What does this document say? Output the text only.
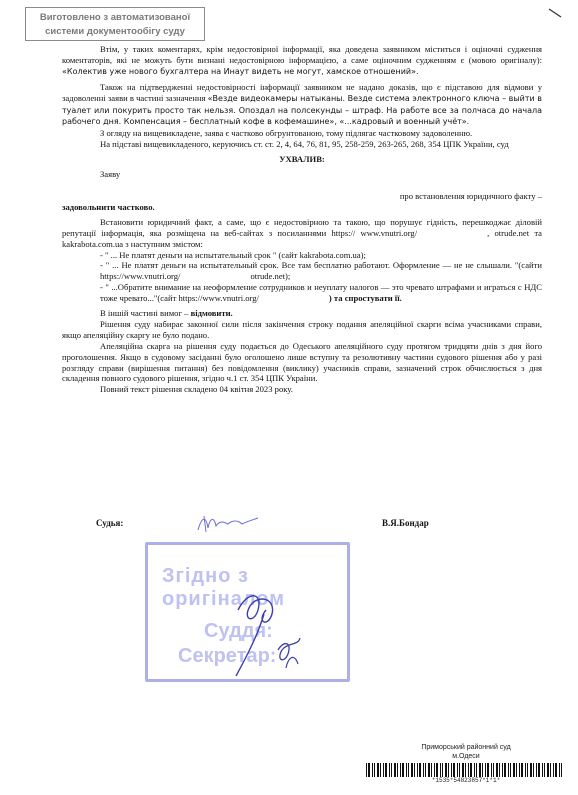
Виготовлено з автоматизованої
системи документообігу суду

Втім, у таких коментарях, крім недостовірної інформації, яка доведена заявником міститься і оціночні судження коментаторів, які не можуть бути визнані недостовірною інформацією, а саме оціночним судженням є (мовою оригіналу): «Колектив уже нового бухгалтера на Инаут видеть не могут, хамское отношений».

Також на підтвердженні недостовірності інформації заявником не надано доказів, що є підставою для відмови у задоволенні заяви в частині зазначення «Везде видеокамеры натыканы. Везде система электронного ключа – выйти в туалет или покурить просто так нельзя. Опоздал на полсекунды – штраф. На работе все за полчаса до начала рабочего дня. Компенсация – бесплатный кофе в кофемашине», «...кадровый и военный учёт».

З огляду на вищевикладене, заява є частково обгрунтованою, тому підлягає частковому задоволенню.

На підставі вищевикладеного, керуючись ст. ст. 2, 4, 64, 76, 81, 95, 258-259, 263-265, 268, 354 ЦПК України, суд

УХВАЛИВ:

Заяву

про встановлення юридичного факту –

задовольнити частково.

Встановити юридичний факт, а саме, що є недостовірною та такою, що порушує гідність, перешкоджає діловій репутації інформація, яка розміщена на веб-сайтах з посиланнями https:// www.vnutri.org/	, otrude.net та kakrabota.com.ua з наступним змістом:

- " ... Не платят деньги на испытательный срок " (сайт kakrabota.com.ua);

- " ... Не платят деньги на испытательный срок. Все там бесплатно работают. Оформление — не не слышали. "(сайти https://www.vnutri.org/	otrude.net);

- " ...Обратите внимание на неоформление сотрудников и неуплату налогов — это чревато штрафами и играться с НДС тоже чревато..."(сайт https://www.vnutri.org/	) та спростувати її.

В іншій частині вимог – відмовити.

Рішення суду набирає законної сили після закінчення строку подання апеляційної скарги всіма учасниками справи, якщо апеляційну скаргу не було подано.

Апеляційна скарга на рішення суду подається до Одеського апеляційного суду протягом тридцяти днів з дня його проголошення. Якщо в судовому засіданні було оголошено лише вступну та резолютивну частини судового рішення або у разі розгляду справи (вирішення питання) без повідомлення (виклику) учасників справи, зазначений строк обчислюється з дня складення повного судового рішення, згідно ч.1 ст. 354 ЦПК України.

Повний текст рішення складено 04 квітня 2023 року.

Судья:	В.Я.Бондар
Згідно з оригіналом
Суддя:
Секретар:
Приморський районний суд
м.Одеси
*1535*54823857*1*1*
